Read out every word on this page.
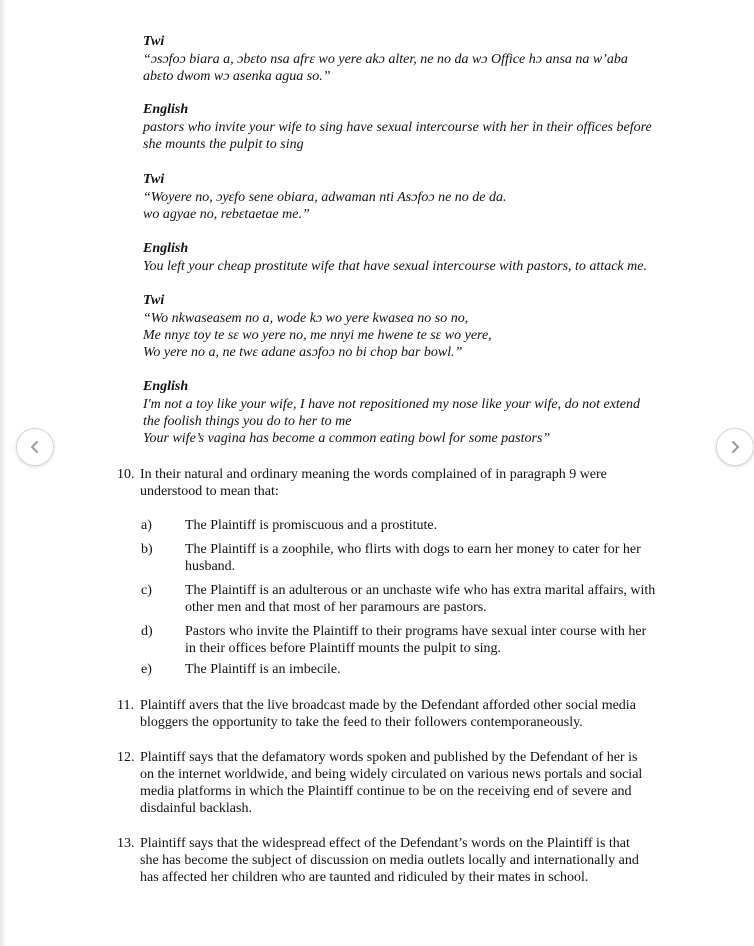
Twi
“ɔsɔfoɔ biara a, ɔbɛto nsa afrɛ wo yere akɔ alter, ne no da wɔ Office hɔ ansa na w’aba
abɛto dwom wɔ asenka agua so.”
English
pastors who invite your wife to sing have sexual intercourse with her in their offices before
she mounts the pulpit to sing
Twi
“Woyere no, ɔyɛfo sene obiara, adwaman nti Asɔfoɔ ne no de da.
wo agyae no, rebɛtaetae me.”
English
You left your cheap prostitute wife that have sexual intercourse with pastors, to attack me.
Twi
“Wo nkwaseasem no a, wode kɔ wo yere kwasea no so no,
Me nnyɛ toy te sɛ wo yere no, me nnyi me hwene te sɛ wo yere,
Wo yere no a, ne twɛ adane asɔfoɔ no bi chop bar bowl.”
English
I'm not a toy like your wife, I have not repositioned my nose like your wife, do not extend
the foolish things you do to her to me
Your wife’s vagina has become a common eating bowl for some pastors”
10. In their natural and ordinary meaning the words complained of in paragraph 9 were
understood to mean that:
a) The Plaintiff is promiscuous and a prostitute.
b) The Plaintiff is a zoophile, who flirts with dogs to earn her money to cater for her
husband.
c) The Plaintiff is an adulterous or an unchaste wife who has extra marital affairs, with
other men and that most of her paramours are pastors.
d) Pastors who invite the Plaintiff to their programs have sexual inter course with her
in their offices before Plaintiff mounts the pulpit to sing.
e) The Plaintiff is an imbecile.
11. Plaintiff avers that the live broadcast made by the Defendant afforded other social media
bloggers the opportunity to take the feed to their followers contemporaneously.
12. Plaintiff says that the defamatory words spoken and published by the Defendant of her is
on the internet worldwide, and being widely circulated on various news portals and social
media platforms in which the Plaintiff continue to be on the receiving end of severe and
disdainful backlash.
13. Plaintiff says that the widespread effect of the Defendant’s words on the Plaintiff is that
she has become the subject of discussion on media outlets locally and internationally and
has affected her children who are taunted and ridiculed by their mates in school.
